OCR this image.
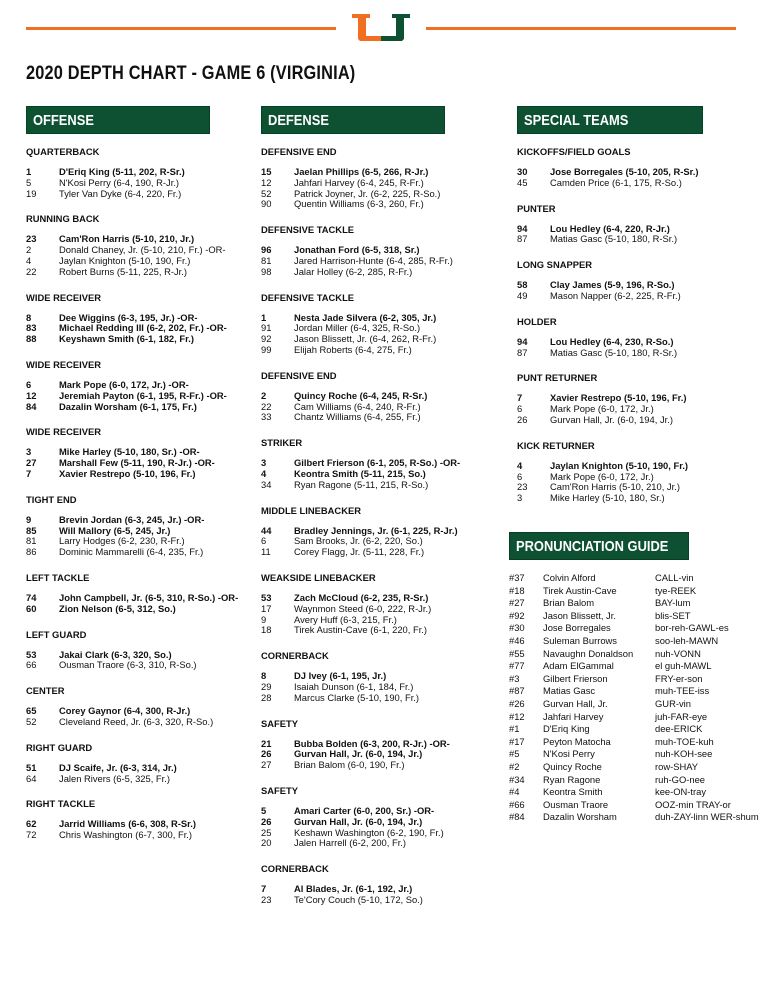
2020 DEPTH CHART - GAME 6 (VIRGINIA)
OFFENSE
QUARTERBACK
1	D'Eriq King (5-11, 202, R-Sr.)
5	N'Kosi Perry (6-4, 190, R-Jr.)
19	Tyler Van Dyke (6-4, 220, Fr.)
RUNNING BACK
23	Cam'Ron Harris (5-10, 210, Jr.)
2	Donald Chaney, Jr. (5-10, 210, Fr.) -OR-
4	Jaylan Knighton (5-10, 190, Fr.)
22	Robert Burns (5-11, 225, R-Jr.)
WIDE RECEIVER
8	Dee Wiggins (6-3, 195, Jr.) -OR-
83	Michael Redding III (6-2, 202, Fr.) -OR-
88	Keyshawn Smith (6-1, 182, Fr.)
WIDE RECEIVER
6	Mark Pope (6-0, 172, Jr.) -OR-
12	Jeremiah Payton (6-1, 195, R-Fr.) -OR-
84	Dazalin Worsham (6-1, 175, Fr.)
WIDE RECEIVER
3	Mike Harley (5-10, 180, Sr.) -OR-
27	Marshall Few (5-11, 190, R-Jr.) -OR-
7	Xavier Restrepo (5-10, 196, Fr.)
TIGHT END
9	Brevin Jordan (6-3, 245, Jr.) -OR-
85	Will Mallory (6-5, 245, Jr.)
81	Larry Hodges (6-2, 230, R-Fr.)
86	Dominic Mammarelli (6-4, 235, Fr.)
LEFT TACKLE
74	John Campbell, Jr. (6-5, 310, R-So.) -OR-
60	Zion Nelson (6-5, 312, So.)
LEFT GUARD
53	Jakai Clark (6-3, 320, So.)
66	Ousman Traore (6-3, 310, R-So.)
CENTER
65	Corey Gaynor (6-4, 300, R-Jr.)
52	Cleveland Reed, Jr. (6-3, 320, R-So.)
RIGHT GUARD
51	DJ Scaife, Jr. (6-3, 314, Jr.)
64	Jalen Rivers (6-5, 325, Fr.)
RIGHT TACKLE
62	Jarrid Williams (6-6, 308, R-Sr.)
72	Chris Washington (6-7, 300, Fr.)
DEFENSE
DEFENSIVE END
15	Jaelan Phillips (6-5, 266, R-Jr.)
12	Jahfari Harvey (6-4, 245, R-Fr.)
52	Patrick Joyner, Jr. (6-2, 225, R-So.)
90	Quentin Williams (6-3, 260, Fr.)
DEFENSIVE TACKLE
96	Jonathan Ford (6-5, 318, Sr.)
81	Jared Harrison-Hunte (6-4, 285, R-Fr.)
98	Jalar Holley (6-2, 285, R-Fr.)
DEFENSIVE TACKLE
1	Nesta Jade Silvera (6-2, 305, Jr.)
91	Jordan Miller (6-4, 325, R-So.)
92	Jason Blissett, Jr. (6-4, 262, R-Fr.)
99	Elijah Roberts (6-4, 275, Fr.)
DEFENSIVE END
2	Quincy Roche (6-4, 245, R-Sr.)
22	Cam Williams (6-4, 240, R-Fr.)
33	Chantz Williams (6-4, 255, Fr.)
STRIKER
3	Gilbert Frierson (6-1, 205, R-So.) -OR-
4	Keontra Smith (5-11, 215, So.)
34	Ryan Ragone (5-11, 215, R-So.)
MIDDLE LINEBACKER
44	Bradley Jennings, Jr. (6-1, 225, R-Jr.)
6	Sam Brooks, Jr. (6-2, 220, So.)
11	Corey Flagg, Jr. (5-11, 228, Fr.)
WEAKSIDE LINEBACKER
53	Zach McCloud (6-2, 235, R-Sr.)
17	Waynmon Steed (6-0, 222, R-Jr.)
9	Avery Huff (6-3, 215, Fr.)
18	Tirek Austin-Cave (6-1, 220, Fr.)
CORNERBACK
8	DJ Ivey (6-1, 195, Jr.)
29	Isaiah Dunson (6-1, 184, Fr.)
28	Marcus Clarke (5-10, 190, Fr.)
SAFETY
21	Bubba Bolden (6-3, 200, R-Jr.) -OR-
26	Gurvan Hall, Jr. (6-0, 194, Jr.)
27	Brian Balom (6-0, 190, Fr.)
SAFETY
5	Amari Carter (6-0, 200, Sr.) -OR-
26	Gurvan Hall, Jr. (6-0, 194, Jr.)
25	Keshawn Washington (6-2, 190, Fr.)
20	Jalen Harrell (6-2, 200, Fr.)
CORNERBACK
7	Al Blades, Jr. (6-1, 192, Jr.)
23	Te'Cory Couch (5-10, 172, So.)
SPECIAL TEAMS
KICKOFFS/FIELD GOALS
30	Jose Borregales (5-10, 205, R-Sr.)
45	Camden Price (6-1, 175, R-So.)
PUNTER
94	Lou Hedley (6-4, 220, R-Jr.)
87	Matias Gasc (5-10, 180, R-Sr.)
LONG SNAPPER
58	Clay James (5-9, 196, R-So.)
49	Mason Napper (6-2, 225, R-Fr.)
HOLDER
94	Lou Hedley (6-4, 230, R-So.)
87	Matias Gasc (5-10, 180, R-Sr.)
PUNT RETURNER
7	Xavier Restrepo (5-10, 196, Fr.)
6	Mark Pope (6-0, 172, Jr.)
26	Gurvan Hall, Jr. (6-0, 194, Jr.)
KICK RETURNER
4	Jaylan Knighton (5-10, 190, Fr.)
6	Mark Pope (6-0, 172, Jr.)
23	Cam'Ron Harris (5-10, 210, Jr.)
3	Mike Harley (5-10, 180, Sr.)
PRONUNCIATION GUIDE
#37	Colvin Alford	CALL-vin
#18	Tirek Austin-Cave	tye-REEK
#27	Brian Balom	BAY-lum
#92	Jason Blissett, Jr.	blis-SET
#30	Jose Borregales	bor-reh-GAWL-es
#46	Suleman Burrows	soo-leh-MAWN
#55	Navaughn Donaldson	nuh-VONN
#77	Adam ElGammal	el guh-MAWL
#3	Gilbert Frierson	FRY-er-son
#87	Matias Gasc	muh-TEE-iss
#26	Gurvan Hall, Jr.	GUR-vin
#12	Jahfari Harvey	juh-FAR-eye
#1	D'Eriq King	dee-ERICK
#17	Peyton Matocha	muh-TOE-kuh
#5	N'Kosi Perry	nuh-KOH-see
#2	Quincy Roche	row-SHAY
#34	Ryan Ragone	ruh-GO-nee
#4	Keontra Smith	kee-ON-tray
#66	Ousman Traore	OOZ-min TRAY-or
#84	Dazalin Worsham	duh-ZAY-linn WER-shum
